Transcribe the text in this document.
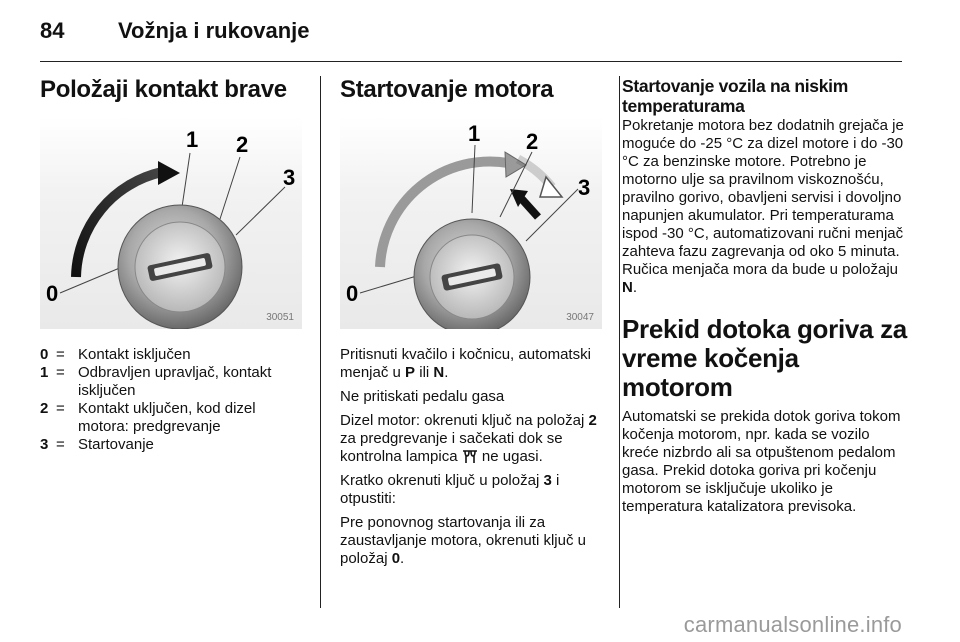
84	Vožnja i rukovanje
Položaji kontakt brave
1 2
3
0
30051
0 = Kontakt isključen
1 = Odbravljen upravljač, kontakt isključen
2 = Kontakt uključen, kod dizel motora: predgrevanje
3 = Startovanje
Startovanje motora
1 2
3
0
30047

Pritisnuti kvačilo i kočnicu, automatski menjač u P ili N.

Ne pritiskati pedalu gasa

Dizel motor: okrenuti ključ na položaj 2 za predgrevanje i sačekati dok se kontrolna lampica  ne ugasi.

Kratko okrenuti ključ u položaj 3 i otpustiti:

Pre ponovnog startovanja ili za zaustavljanje motora, okrenuti ključ u položaj 0.

Startovanje vozila na niskim temperaturama

Pokretanje motora bez dodatnih grejača je moguće do -25 °C za dizel motore i do -30 °C za benzinske motore. Potrebno je motorno ulje sa pravilnom viskoznošću, pravilno gorivo, obavljeni servisi i dovoljno napunjen akumulator. Pri temperaturama ispod -30 °C, automatizovani ručni menjač zahteva fazu zagrevanja od oko 5 minuta. Ručica menjača mora da bude u položaju N.

Prekid dotoka goriva za vreme kočenja motorom

Automatski se prekida dotok goriva tokom kočenja motorom, npr. kada se vozilo kreće nizbrdo ali sa otpuštenom pedalom gasa. Prekid dotoka goriva pri kočenju motorom se isključuje ukoliko je temperatura katalizatora previsoka.

carmanualsonline.info
